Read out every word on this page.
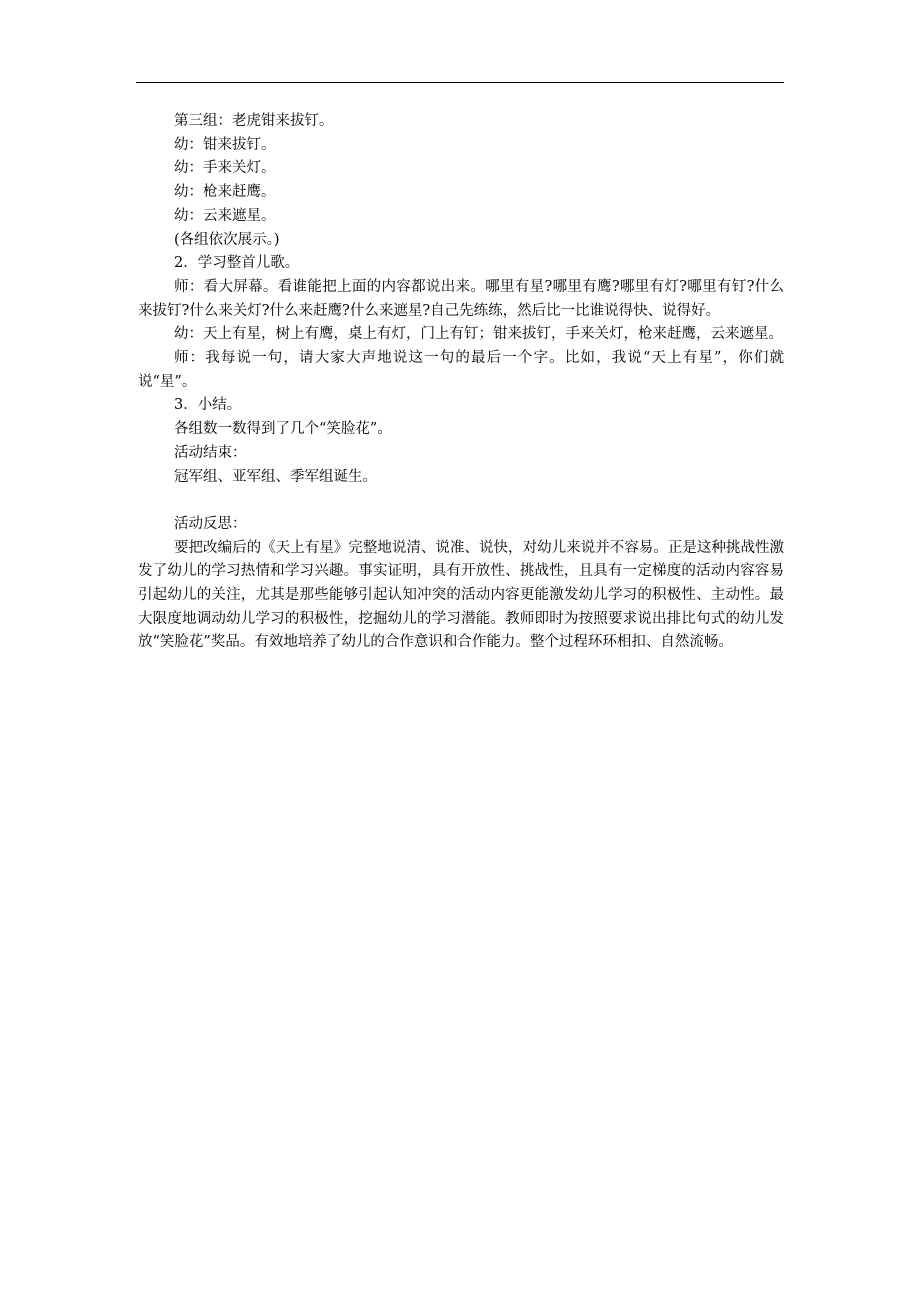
第三组：老虎钳来拔钉。

幼：钳来拔钉。

幼：手来关灯。

幼：枪来赶鹰。

幼：云来遮星。

(各组依次展示。)

2．学习整首儿歌。

师：看大屏幕。看谁能把上面的内容都说出来。哪里有星?哪里有鹰?哪里有灯?哪里有钉?什么来拔钉?什么来关灯?什么来赶鹰?什么来遮星?自己先练练，然后比一比谁说得快、说得好。

幼：天上有星，树上有鹰，桌上有灯，门上有钉；钳来拔钉，手来关灯，枪来赶鹰，云来遮星。

师：我每说一句，请大家大声地说这一句的最后一个字。比如，我说“天上有星”，你们就说“星”。

3．小结。

各组数一数得到了几个“笑脸花”。

活动结束：

冠军组、亚军组、季军组诞生。

活动反思：

要把改编后的《天上有星》完整地说清、说准、说快，对幼儿来说并不容易。正是这种挑战性激发了幼儿的学习热情和学习兴趣。事实证明，具有开放性、挑战性，且具有一定梯度的活动内容容易引起幼儿的关注，尤其是那些能够引起认知冲突的活动内容更能激发幼儿学习的积极性、主动性。最大限度地调动幼儿学习的积极性，挖掘幼儿的学习潜能。教师即时为按照要求说出排比句式的幼儿发放“笑脸花”奖品。有效地培养了幼儿的合作意识和合作能力。整个过程环环相扣、自然流畅。
